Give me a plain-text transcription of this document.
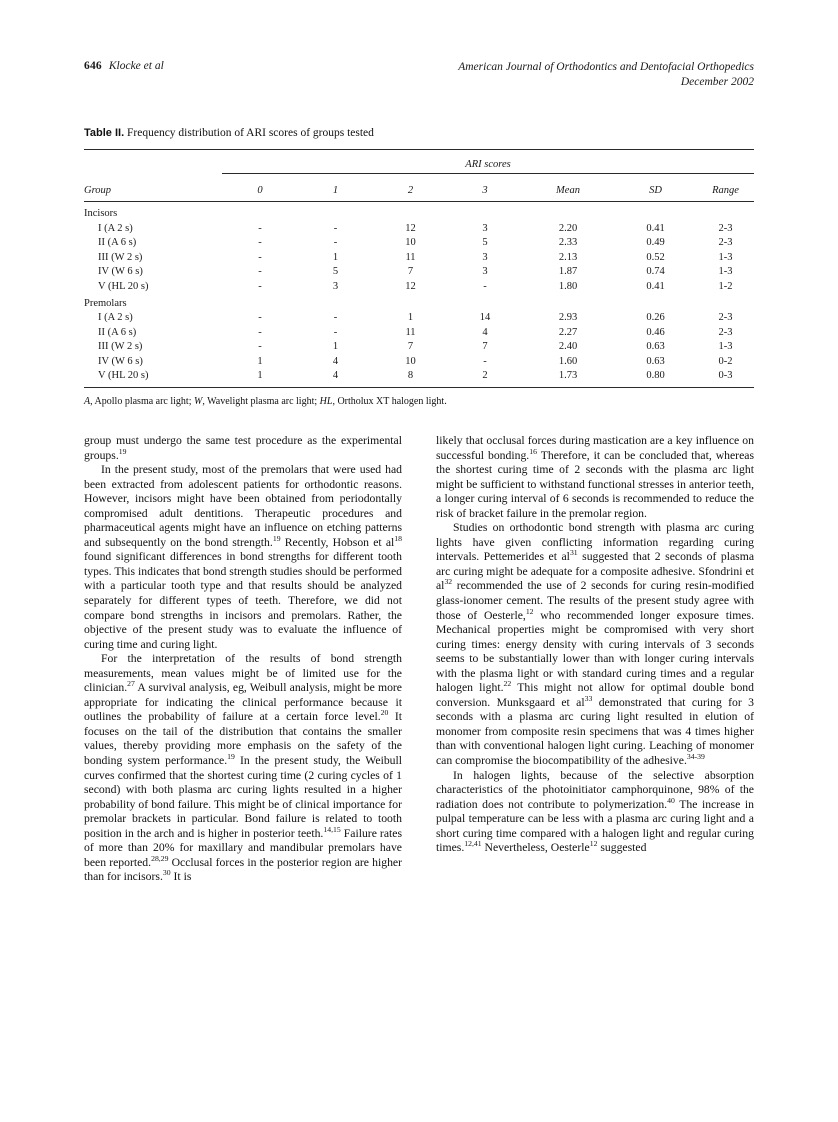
646 Klocke et al	American Journal of Orthodontics and Dentofacial Orthopedics
December 2002
Table II. Frequency distribution of ARI scores of groups tested

	ARI scores						
Group	0	1	2	3	Mean	SD	Range

Incisors							
I (A 2 s)	-	-	12	3	2.20	0.41	2-3
II (A 6 s)	-	-	10	5	2.33	0.49	2-3
III (W 2 s)	-	1	11	3	2.13	0.52	1-3
IV (W 6 s)	-	5	7	3	1.87	0.74	1-3
V (HL 20 s)	-	3	12	-	1.80	0.41	1-2
Premolars							
I (A 2 s)	-	-	1	14	2.93	0.26	2-3
II (A 6 s)	-	-	11	4	2.27	0.46	2-3
III (W 2 s)	-	1	7	7	2.40	0.63	1-3
IV (W 6 s)	1	4	10	-	1.60	0.63	0-2
V (HL 20 s)	1	4	8	2	1.73	0.80	0-3

A, Apollo plasma arc light; W, Wavelight plasma arc light; HL, Ortholux XT halogen light.

group must undergo the same test procedure as the experimental groups.$^{19}$

In the present study, most of the premolars that were used had been extracted from adolescent patients for orthodontic reasons. However, incisors might have been obtained from periodontally compromised adult dentitions. Therapeutic procedures and pharmaceutical agents might have an influence on etching patterns and subsequently on the bond strength.$^{19}$ Recently, Hobson et $al^{18}$ found significant differences in bond strengths for different tooth types. This indicates that bond strength studies should be performed with a particular tooth type and that results should be analyzed separately for different types of teeth. Therefore, we did not compare bond strengths in incisors and premolars. Rather, the objective of the present study was to evaluate the influence of curing time and curing light.

For the interpretation of the results of bond strength measurements, mean values might be of limited use for the clinician.$^{27}$ A survival analysis, eg, Weibull analysis, might be more appropriate for indicating the clinical performance because it outlines the probability of failure at a certain force level.$^{20}$ It focuses on the tail of the distribution that contains the smaller values, thereby providing more emphasis on the safety of the bonding system performance.$^{19}$ In the present study, the Weibull curves confirmed that the shortest curing time (2 curing cycles of 1 second) with both plasma arc curing lights resulted in a higher probability of bond failure. This might be of clinical importance for premolar brackets in particular. Bond failure is related to tooth position in the arch and is higher in posterior teeth.$^{14,15}$ Failure rates of more than 20% for maxillary and mandibular premolars have been reported.$^{28,29}$ Occlusal forces in the posterior region are higher than for incisors.$^{30}$ It is

likely that occlusal forces during mastication are a key influence on successful bonding.$^{16}$ Therefore, it can be concluded that, whereas the shortest curing time of 2 seconds with the plasma arc light might be sufficient to withstand functional stresses in anterior teeth, a longer curing interval of 6 seconds is recommended to reduce the risk of bracket failure in the premolar region.

Studies on orthodontic bond strength with plasma arc curing lights have given conflicting information regarding curing intervals. Pettemerides et $al^{31}$ suggested that 2 seconds of plasma arc curing might be adequate for a composite adhesive. Sfondrini et $al^{32}$ recommended the use of 2 seconds for curing resin-modified glass-ionomer cement. The results of the present study agree with those of Oesterle,$^{12}$ who recommended longer exposure times. Mechanical properties might be compromised with very short curing times: energy density with curing intervals of 3 seconds seems to be substantially lower than with longer curing intervals with the plasma light or with standard curing times and a regular halogen light.$^{22}$ This might not allow for optimal double bond conversion. Munksgaard et $al^{33}$ demonstrated that curing for 3 seconds with a plasma arc curing light resulted in elution of monomer from composite resin specimens that was 4 times higher than with conventional halogen light curing. Leaching of monomer can compromise the biocompatibility of the adhesive.$^{34-39}$

In halogen lights, because of the selective absorption characteristics of the photoinitiator camphorquinone, 98% of the radiation does not contribute to polymerization.$^{40}$ The increase in pulpal temperature can be less with a plasma arc curing light and a short curing time compared with a halogen light and regular curing times.$^{12,41}$ Nevertheless, Oesterle$^{12}$ suggested
